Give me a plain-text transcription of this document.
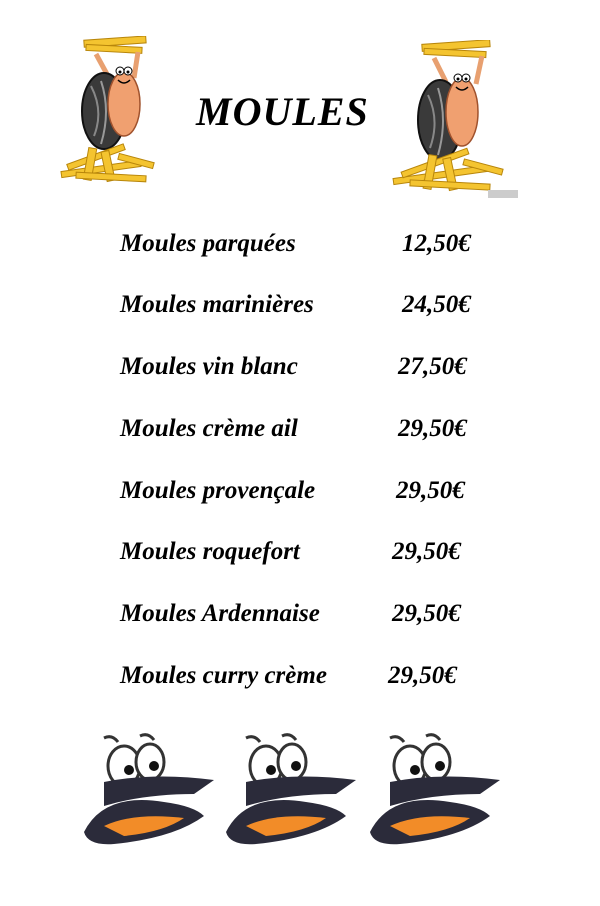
MOULES
Moules parquées	12,50€
Moules marinières	24,50€
Moules vin blanc	27,50€
Moules crème ail	29,50€
Moules provençale	29,50€
Moules roquefort	29,50€
Moules Ardennaise	29,50€
Moules curry crème 29,50€
